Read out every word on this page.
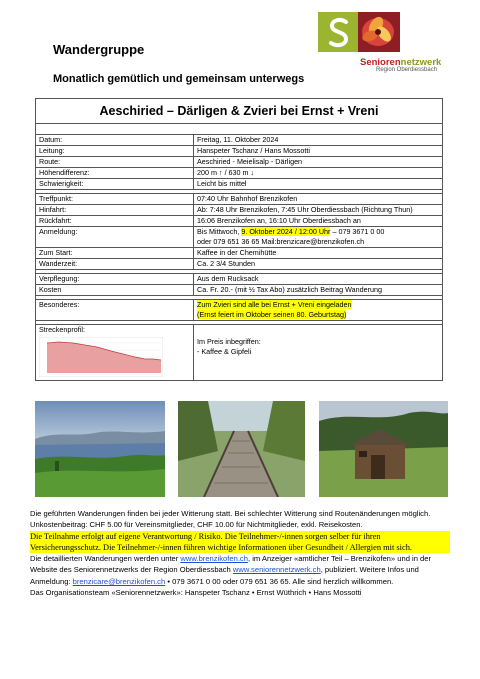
Wandergruppe
Monatlich gemütlich und gemeinsam unterwegs
Seniorennetzwerk
Region Oberdiessbach
Aeschiried – Därligen & Zvieri bei Ernst + Vreni	

Datum:	Freitag, 11. Oktober 2024
Leitung:	Hanspeter Tschanz / Hans Mossotti
Route:	Aeschiried - Meielisalp - Därligen
Höhendifferenz:	200 m ↑ / 630 m ↓
Schwierigkeit:	Leicht bis mittel

Treffpunkt:	07:40 Uhr Bahnhof Brenzikofen
Hinfahrt:	Ab: 7:48 Uhr Brenzikofen, 7:45 Uhr Oberdiessbach (Richtung Thun)
Rückfahrt:	16:06 Brenzikofen an, 16:10 Uhr Oberdiessbach an
Anmeldung:	Bis Mittwoch, 9. Oktober 2024 / 12:00 Uhr – 079 3671 0 00
oder 079 651 36 65 Mail:brenzicare@brenzikofen.ch
Zum Start:	Kaffee in der Chemihütte
Wanderzeit:	Ca. 2 3/4 Stunden

Verpflegung:	Aus dem Rucksack
Kosten	Ca. Fr. 20.- (mit ½ Tax Abo) zusätzlich Beitrag Wanderung

Besonderes:	Zum Zvieri sind alle bei Ernst + Vreni eingeladen
(Ernst feiert im Oktober seinen 80. Geburtstag)

Streckenprofil:	Im Preis inbegriffen:
- Kaffee & Gipfeli

Die geführten Wanderungen finden bei jeder Witterung statt. Bei schlechter Witterung sind Routenänderungen möglich.

Unkostenbeitrag: CHF 5.00 für Vereinsmitglieder, CHF 10.00 für Nichtmitglieder, exkl. Reisekosten.

Die Teilnahme erfolgt auf eigene Verantwortung / Risiko. Die Teilnehmer-/-innen sorgen selber für ihren Versicherungsschutz. Die Teilnehmer-/-innen führen wichtige Informationen über Gesundheit / Allergien mit sich.

Die detaillierten Wanderungen werden unter www.brenzikofen.ch, im Anzeiger «amtlicher Teil – Brenzikofen» und in der Website des Seniorennetzwerks der Region Oberdiessbach www.seniorennetzwerk.ch, publiziert. Weitere Infos und Anmeldung: brenzicare@brenzikofen.ch • 079 3671 0 00 oder 079 651 36 65. Alle sind herzlich willkommen.

Das Organisationsteam «Seniorennetzwerk»: Hanspeter Tschanz • Ernst Wüthrich • Hans Mossotti
